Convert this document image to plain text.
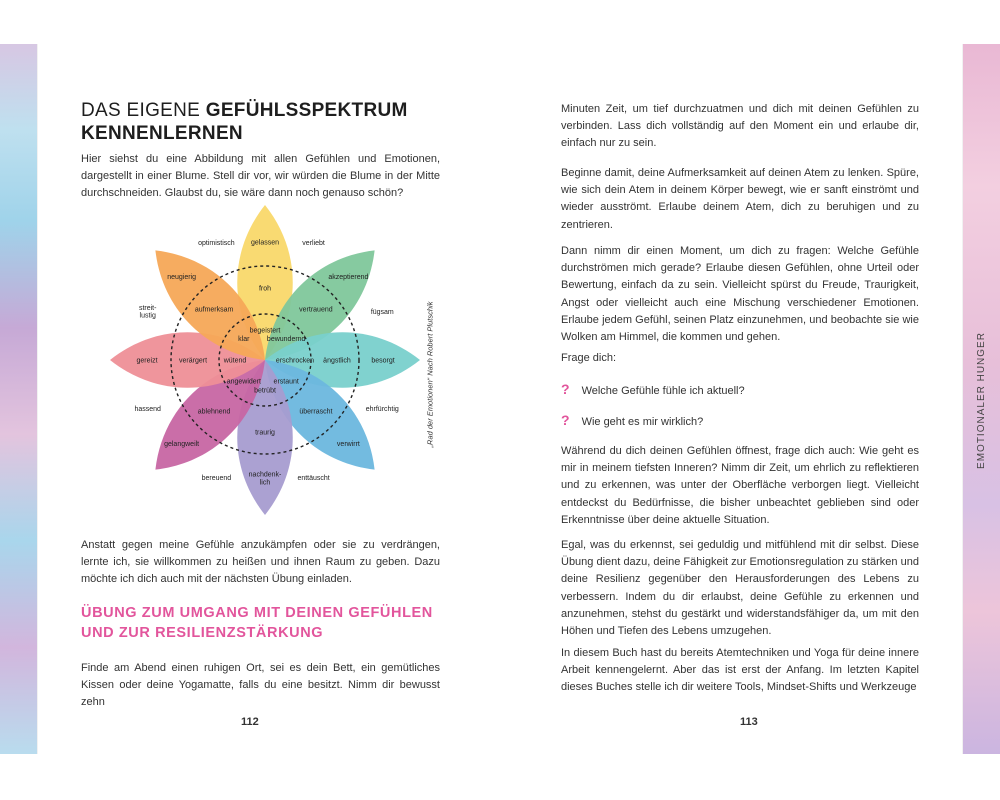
DAS EIGENE GEFÜHLSSPEKTRUM
KENNENLERNEN
Hier siehst du eine Abbildung mit allen Gefühlen und Emotionen, dargestellt in einer Blume. Stell dir vor, wir würden die Blume in der Mitte durchschneiden. Glaubst du, sie wäre dann noch genauso schön?
begeistert
froh
gelassen
bewundernd
vertrauend
akzeptierend
erschrocken ängstlich	besorgt
erstaunt
überrascht
verwirrt
betrübt
traurig
nachdenk-lich
angewidert
ablehnend
gelangweilt
wütend
verärgert
gereizt
klar
aufmerksam
neugierig
verliebt
fügsam
ehrfürchtig
enttäuscht
bereuend
hassend
streit-lustig
optimistisch
„Rad der Emotionen“ Nach Robert Plutschik
Anstatt gegen meine Gefühle anzukämpfen oder sie zu verdrängen, lernte ich, sie willkommen zu heißen und ihnen Raum zu geben. Dazu möchte ich dich auch mit der nächsten Übung einladen.
ÜBUNG ZUM UMGANG MIT DEINEN GEFÜHLEN UND ZUR RESILIENZSTÄRKUNG
Finde am Abend einen ruhigen Ort, sei es dein Bett, ein gemütliches Kissen oder deine Yogamatte, falls du eine besitzt. Nimm dir bewusst zehn
112
Minuten Zeit, um tief durchzuatmen und dich mit deinen Gefühlen zu verbinden. Lass dich vollständig auf den Moment ein und erlaube dir, einfach nur zu sein.
Beginne damit, deine Aufmerksamkeit auf deinen Atem zu lenken. Spüre, wie sich dein Atem in deinem Körper bewegt, wie er sanft einströmt und wieder ausströmt. Erlaube deinem Atem, dich zu beruhigen und zu zentrieren.
Dann nimm dir einen Moment, um dich zu fragen: Welche Gefühle durchströmen mich gerade? Erlaube diesen Gefühlen, ohne Urteil oder Bewertung, einfach da zu sein. Vielleicht spürst du Freude, Traurigkeit, Angst oder vielleicht auch eine Mischung verschiedener Emotionen. Erlaube jedem Gefühl, seinen Platz einzunehmen, und beobachte sie wie Wolken am Himmel, die kommen und gehen.
Frage dich:
? Welche Gefühle fühle ich aktuell?
? Wie geht es mir wirklich?
Während du dich deinen Gefühlen öffnest, frage dich auch: Wie geht es mir in meinem tiefsten Inneren? Nimm dir Zeit, um ehrlich zu reflektieren und zu erkennen, was unter der Oberfläche verborgen liegt. Vielleicht entdeckst du Bedürfnisse, die bisher unbeachtet geblieben sind oder Erkenntnisse über deine aktuelle Situation.
Egal, was du erkennst, sei geduldig und mitfühlend mit dir selbst. Diese Übung dient dazu, deine Fähigkeit zur Emotionsregulation zu stärken und deine Resilienz gegenüber den Herausforderungen des Lebens zu verbessern. Indem du dir erlaubst, deine Gefühle zu erkennen und anzunehmen, stehst du gestärkt und widerstandsfähiger da, um mit den Höhen und Tiefen des Lebens umzugehen.
In diesem Buch hast du bereits Atemtechniken und Yoga für deine innere Arbeit kennengelernt. Aber das ist erst der Anfang. Im letzten Kapitel dieses Buches stelle ich dir weitere Tools, Mindset-Shifts und Werkzeuge
113
EMOTIONALER HUNGER
